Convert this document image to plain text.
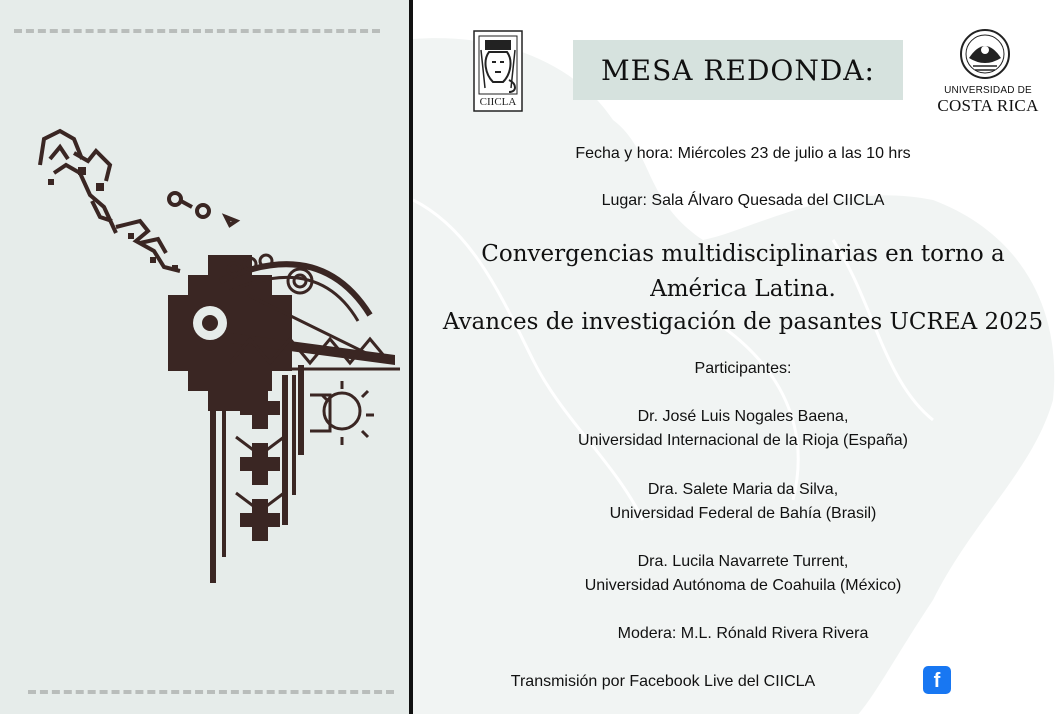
CIICLA
MESA REDONDA:
UNIVERSIDAD DE
COSTA RICA
Fecha y hora: Miércoles 23 de julio a las 10 hrs
Lugar: Sala Álvaro Quesada del CIICLA
Convergencias multidisciplinarias en torno a
América Latina.
Avances de investigación de pasantes UCREA 2025
Participantes:
Dr. José Luis Nogales Baena,
Universidad Internacional de la Rioja (España)
Dra. Salete Maria da Silva,
Universidad Federal de Bahía (Brasil)
Dra. Lucila Navarrete Turrent,
Universidad Autónoma de Coahuila (México)
Modera: M.L. Rónald Rivera Rivera
Transmisión por Facebook Live del CIICLA	f
